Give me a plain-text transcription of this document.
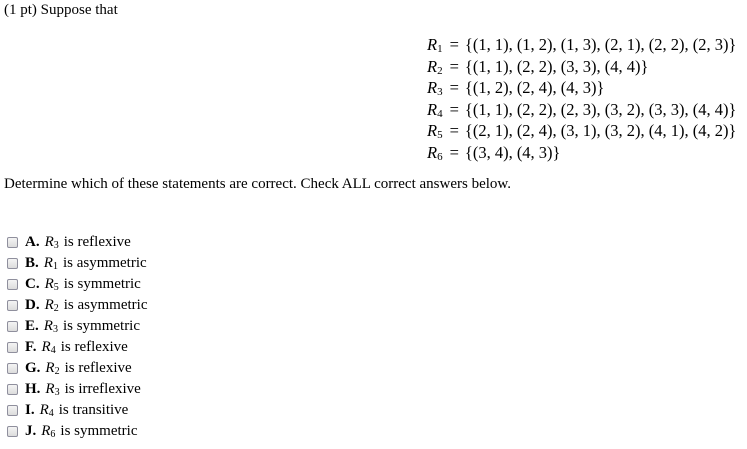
(1 pt) Suppose that
$R_1 = \{(1$, 1), (1, 2), (1, 3), (2, 1), (2, 2), (2, 3)}
$R_2 = \{(1$, 1), (2, 2), (3, 3), (4, 4)}
$R_3 = \{(1$, 2), (2, 4), (4, 3)}
$R_4 = \{(1$, 1), (2, 2), (2, 3), (3, 2), (3, 3), (4, 4)}
$R_5 = \{(2$, 1), (2, 4), (3, 1), (3, 2), (4, 1), (4, 2)}
$R_6 = \{(3$, 4), (4, 3)}
Determine which of these statements are correct. Check ALL correct answers below.
A. $R_3$ is reflexive
B. $R_1$ is asymmetric
C. $R_5$ is symmetric
D. $R_2$ is asymmetric
E. $R_3$ is symmetric
F. $R_4$ is reflexive
G. $R_2$ is reflexive
H. $R_3$ is irreflexive
I. $R_4$ is transitive
J. $R_6$ is symmetric
